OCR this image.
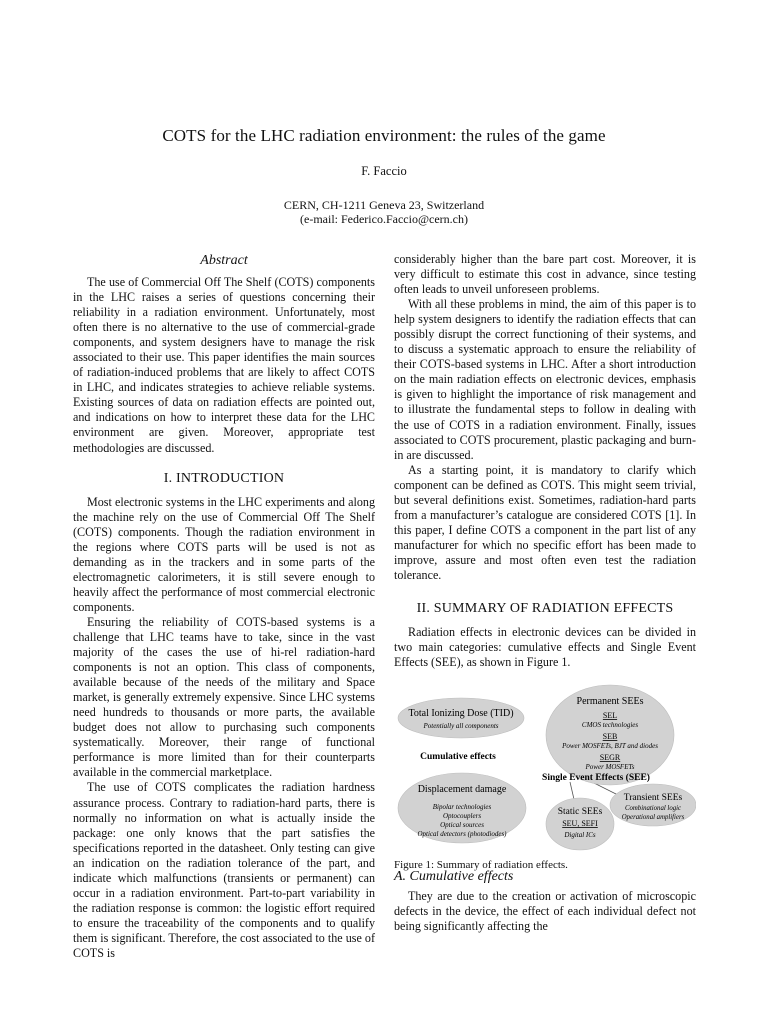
COTS for the LHC radiation environment: the rules of the game
F. Faccio
CERN, CH-1211 Geneva 23, Switzerland
(e-mail: Federico.Faccio@cern.ch)
Abstract

The use of Commercial Off The Shelf (COTS) components in the LHC raises a series of questions concerning their reliability in a radiation environment. Unfortunately, most often there is no alternative to the use of commercial-grade components, and system designers have to manage the risk associated to their use. This paper identifies the main sources of radiation-induced problems that are likely to affect COTS in LHC, and indicates strategies to achieve reliable systems. Existing sources of data on radiation effects are pointed out, and indications on how to interpret these data for the LHC environment are given. Moreover, appropriate test methodologies are discussed.

I. INTRODUCTION

Most electronic systems in the LHC experiments and along the machine rely on the use of Commercial Off The Shelf (COTS) components. Though the radiation environment in the regions where COTS parts will be used is not as demanding as in the trackers and in some parts of the electromagnetic calorimeters, it is still severe enough to heavily affect the performance of most commercial electronic components.

Ensuring the reliability of COTS-based systems is a challenge that LHC teams have to take, since in the vast majority of the cases the use of hi-rel radiation-hard components is not an option. This class of components, available because of the needs of the military and Space market, is generally extremely expensive. Since LHC systems need hundreds to thousands or more parts, the available budget does not allow to purchasing such components systematically. Moreover, their range of functional performance is more limited than for their counterparts available in the commercial marketplace.

The use of COTS complicates the radiation hardness assurance process. Contrary to radiation-hard parts, there is normally no information on what is actually inside the package: one only knows that the part satisfies the specifications reported in the datasheet. Only testing can give an indication on the radiation tolerance of the part, and indicate which malfunctions (transients or permanent) can occur in a radiation environment. Part-to-part variability in the radiation response is common: the logistic effort required to ensure the traceability of the components and to qualify them is significant. Therefore, the cost associated to the use of COTS is

considerably higher than the bare part cost. Moreover, it is very difficult to estimate this cost in advance, since testing often leads to unveil unforeseen problems.

With all these problems in mind, the aim of this paper is to help system designers to identify the radiation effects that can possibly disrupt the correct functioning of their systems, and to discuss a systematic approach to ensure the reliability of their COTS-based systems in LHC. After a short introduction on the main radiation effects on electronic devices, emphasis is given to highlight the importance of risk management and to illustrate the fundamental steps to follow in dealing with the use of COTS in a radiation environment. Finally, issues associated to COTS procurement, plastic packaging and burn-in are discussed.

As a starting point, it is mandatory to clarify which component can be defined as COTS. This might seem trivial, but several definitions exist. Sometimes, radiation-hard parts from a manufacturer’s catalogue are considered COTS [1]. In this paper, I define COTS a component in the part list of any manufacturer for which no specific effort has been made to improve, assure and most often even test the radiation tolerance.

II. SUMMARY OF RADIATION EFFECTS

Radiation effects in electronic devices can be divided in two main categories: cumulative effects and Single Event Effects (SEE), as shown in Figure 1.

Total Ionizing Dose (TID)
Potentially all components
Cumulative effects
Displacement damage
Bipolar technologies
Optocouplers
Optical sources
Optical detectors (photodiodes)
Permanent SEEs
SEL
CMOS technologies
SEB
Power MOSFETs, BJT and diodes
SEGR
Power MOSFETs
Single Event Effects (SEE)
Transient SEEs
Combinational logic
Operational amplifiers
Static SEEs
SEU, SEFI
Digital ICs
Figure 1: Summary of radiation effects.
A. Cumulative effects

They are due to the creation or activation of microscopic defects in the device, the effect of each individual defect not being significantly affecting the
